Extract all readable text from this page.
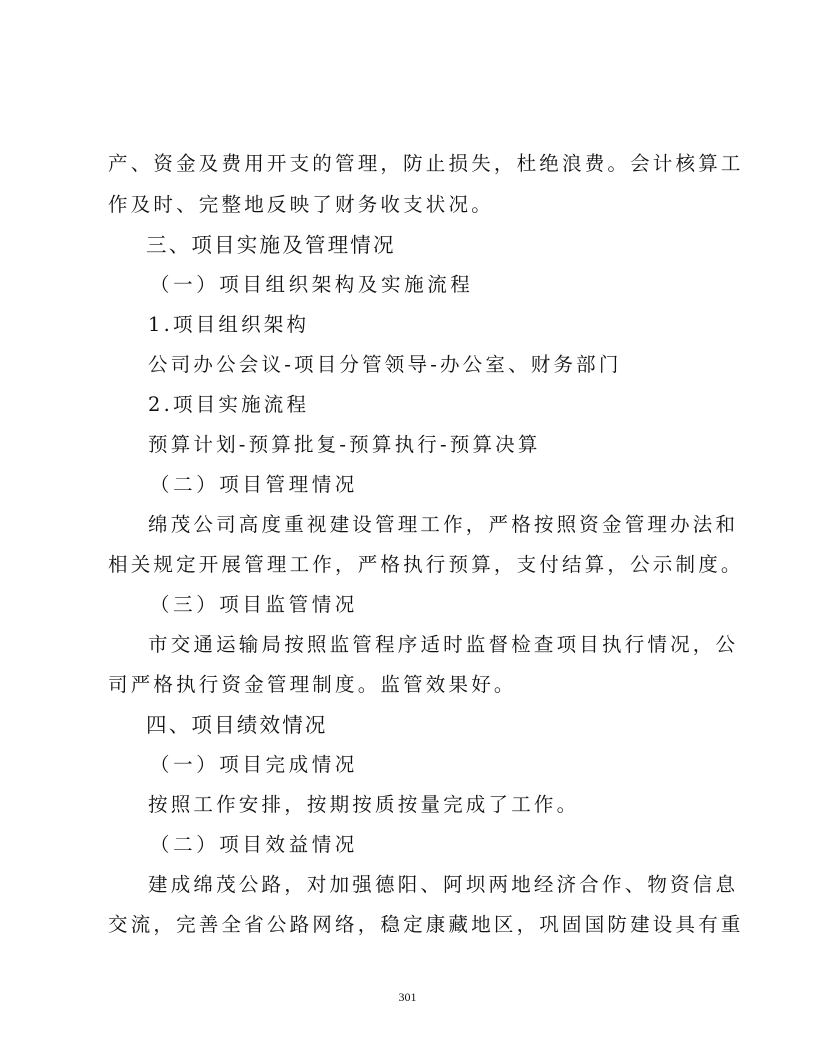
产、资金及费用开支的管理，防止损失，杜绝浪费。会计核算工
作及时、完整地反映了财务收支状况。
三、项目实施及管理情况
（一）项目组织架构及实施流程
1.项目组织架构
公司办公会议-项目分管领导-办公室、财务部门
2.项目实施流程
预算计划-预算批复-预算执行-预算决算
（二）项目管理情况
绵茂公司高度重视建设管理工作，严格按照资金管理办法和
相关规定开展管理工作，严格执行预算，支付结算，公示制度。
（三）项目监管情况
市交通运输局按照监管程序适时监督检查项目执行情况，公
司严格执行资金管理制度。监管效果好。
四、项目绩效情况
（一）项目完成情况
按照工作安排，按期按质按量完成了工作。
（二）项目效益情况
建成绵茂公路，对加强德阳、阿坝两地经济合作、物资信息
交流，完善全省公路网络，稳定康藏地区，巩固国防建设具有重
301
